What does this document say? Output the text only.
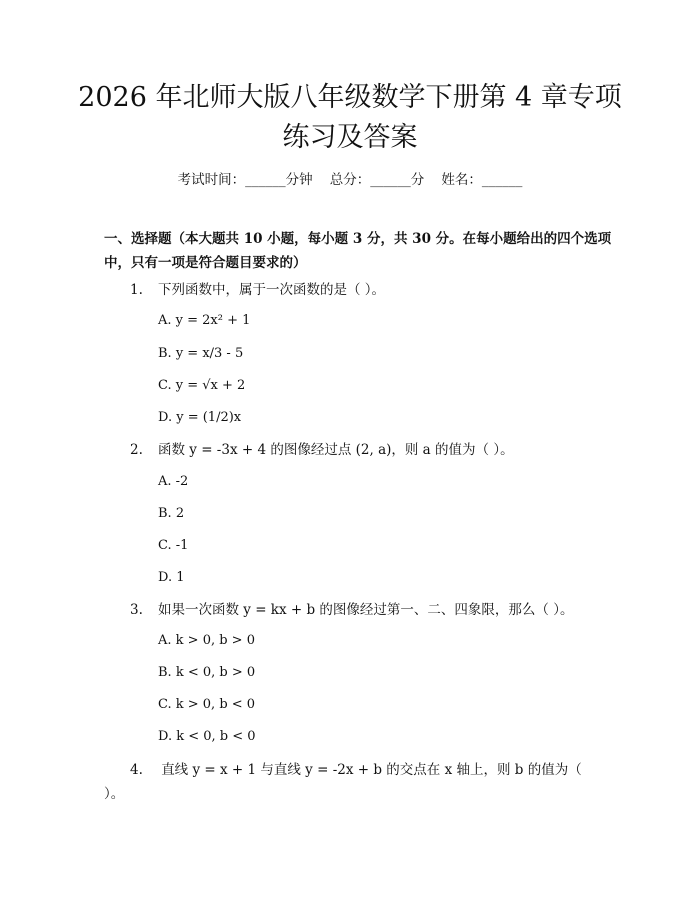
2026 年北师大版八年级数学下册第 4 章专项
练习及答案
考试时间：______分钟    总分：______分    姓名：______
一、选择题（本大题共 10 小题，每小题 3 分，共 30 分。在每小题给出的四个选项中，只有一项是符合题目要求的）
1. 下列函数中，属于一次函数的是（ ）。
A. y = 2x² + 1
B. y = x/3 - 5
C. y = √x + 2
D. y = (1/2)x
2. 函数 y = -3x + 4 的图像经过点 (2, a)，则 a 的值为（ ）。
A. -2
B. 2
C. -1
D. 1
3. 如果一次函数 y = kx + b 的图像经过第一、二、四象限，那么（ ）。
A. k > 0, b > 0
B. k < 0, b > 0
C. k > 0, b < 0
D. k < 0, b < 0
4. 直线 y = x + 1 与直线 y = -2x + b 的交点在 x 轴上，则 b 的值为（ ）。
